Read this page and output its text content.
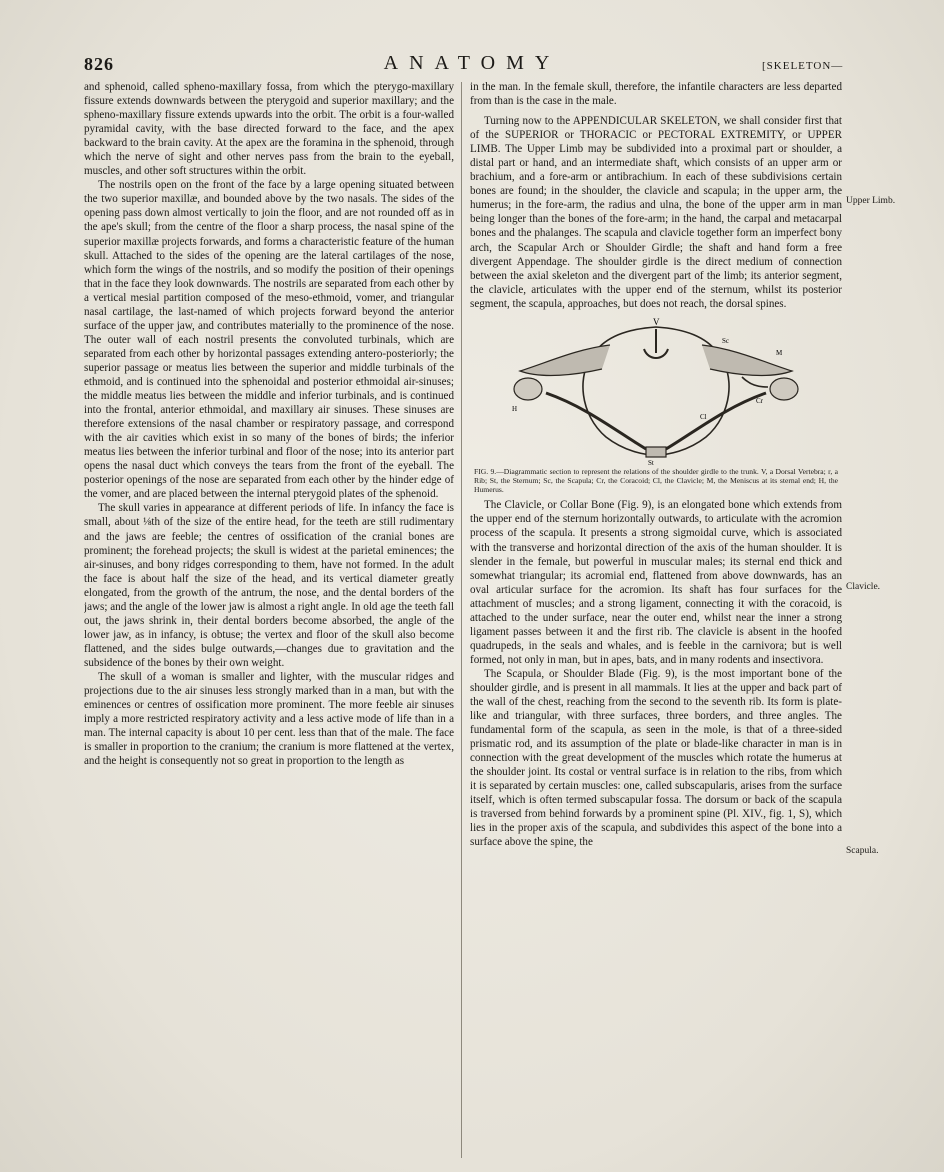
826	ANATOMY	[SKELETON—

and sphenoid, called spheno-maxillary fossa, from which the pterygo-maxillary fissure extends downwards between the pterygoid and superior maxillary; and the spheno-maxillary fissure extends upwards into the orbit. The orbit is a four-walled pyramidal cavity, with the base directed forward to the face, and the apex backward to the brain cavity. At the apex are the foramina in the sphenoid, through which the nerve of sight and other nerves pass from the brain to the eyeball, muscles, and other soft structures within the orbit.

The nostrils open on the front of the face by a large opening situated between the two superior maxillæ, and bounded above by the two nasals. The sides of the opening pass down almost vertically to join the floor, and are not rounded off as in the ape's skull; from the centre of the floor a sharp process, the nasal spine of the superior maxillæ projects forwards, and forms a characteristic feature of the human skull. Attached to the sides of the opening are the lateral cartilages of the nose, which form the wings of the nostrils, and so modify the position of their openings that in the face they look downwards. The nostrils are separated from each other by a vertical mesial partition composed of the meso-ethmoid, vomer, and triangular nasal cartilage, the last-named of which projects forward beyond the anterior surface of the upper jaw, and contributes materially to the prominence of the nose. The outer wall of each nostril presents the convoluted turbinals, which are separated from each other by horizontal passages extending antero-posteriorly; the superior passage or meatus lies between the superior and middle turbinals of the ethmoid, and is continued into the sphenoidal and posterior ethmoidal air-sinuses; the middle meatus lies between the middle and inferior turbinals, and is continued into the frontal, anterior ethmoidal, and maxillary air sinuses. These sinuses are therefore extensions of the nasal chamber or respiratory passage, and correspond with the air cavities which exist in so many of the bones of birds; the inferior meatus lies between the inferior turbinal and floor of the nose; into its anterior part opens the nasal duct which conveys the tears from the front of the eyeball. The posterior openings of the nose are separated from each other by the hinder edge of the vomer, and are placed between the internal pterygoid plates of the sphenoid.

The skull varies in appearance at different periods of life. In infancy the face is small, about ⅛th of the size of the entire head, for the teeth are still rudimentary and the jaws are feeble; the centres of ossification of the cranial bones are prominent; the forehead projects; the skull is widest at the parietal eminences; the air-sinuses, and bony ridges corresponding to them, have not formed. In the adult the face is about half the size of the head, and its vertical diameter greatly elongated, from the growth of the antrum, the nose, and the dental borders of the jaws; and the angle of the lower jaw is almost a right angle. In old age the teeth fall out, the jaws shrink in, their dental borders become absorbed, the angle of the lower jaw, as in infancy, is obtuse; the vertex and floor of the skull also become flattened, and the sides bulge outwards,—changes due to gravitation and the subsidence of the bones by their own weight.

The skull of a woman is smaller and lighter, with the muscular ridges and projections due to the air sinuses less strongly marked than in a man, but with the eminences or centres of ossification more prominent. The more feeble air sinuses imply a more restricted respiratory activity and a less active mode of life than in a man. The internal capacity is about 10 per cent. less than that of the male. The face is smaller in proportion to the cranium; the cranium is more flattened at the vertex, and the height is consequently not so great in proportion to the length as

in the man. In the female skull, therefore, the infantile characters are less departed from than is the case in the male.

Turning now to the APPENDICULAR SKELETON, we shall consider first that of the SUPERIOR or THORACIC or PECTORAL EXTREMITY, or UPPER LIMB. The Upper Limb may be subdivided into a proximal part or shoulder, a distal part or hand, and an intermediate shaft, which consists of an upper arm or brachium, and a fore-arm or antibrachium. In each of these subdivisions certain bones are found; in the shoulder, the clavicle and scapula; in the upper arm, the humerus; in the fore-arm, the radius and ulna, the bone of the upper arm in man being longer than the bones of the fore-arm; in the hand, the carpal and metacarpal bones and the phalanges. The scapula and clavicle together form an imperfect bony arch, the Scapular Arch or Shoulder Girdle; the shaft and hand form a free divergent Appendage. The shoulder girdle is the direct medium of connection between the axial skeleton and the divergent part of the limb; its anterior segment, the clavicle, articulates with the upper end of the sternum, whilst its posterior segment, the scapula, approaches, but does not reach, the dorsal spines.

V
Sc
M
Cr
Cl
St
H
FIG. 9.—Diagrammatic section to represent the relations of the shoulder girdle to the trunk. V, a Dorsal Vertebra; r, a Rib; St, the Sternum; Sc, the Scapula; Cr, the Coracoid; Cl, the Clavicle; M, the Meniscus at its sternal end; H, the Humerus.

The Clavicle, or Collar Bone (Fig. 9), is an elongated bone which extends from the upper end of the sternum horizontally outwards, to articulate with the acromion process of the scapula. It presents a strong sigmoidal curve, which is associated with the transverse and horizontal direction of the axis of the human shoulder. It is slender in the female, but powerful in muscular males; its sternal end thick and somewhat triangular; its acromial end, flattened from above downwards, has an oval articular surface for the acromion. Its shaft has four surfaces for the attachment of muscles; and a strong ligament, connecting it with the coracoid, is attached to the under surface, near the outer end, whilst near the inner a strong ligament passes between it and the first rib. The clavicle is absent in the hoofed quadrupeds, in the seals and whales, and is feeble in the carnivora; but is well formed, not only in man, but in apes, bats, and in many rodents and insectivora.

The Scapula, or Shoulder Blade (Fig. 9), is the most important bone of the shoulder girdle, and is present in all mammals. It lies at the upper and back part of the wall of the chest, reaching from the second to the seventh rib. Its form is plate-like and triangular, with three surfaces, three borders, and three angles. The fundamental form of the scapula, as seen in the mole, is that of a three-sided prismatic rod, and its assumption of the plate or blade-like character in man is in connection with the great development of the muscles which rotate the humerus at the shoulder joint. Its costal or ventral surface is in relation to the ribs, from which it is separated by certain muscles: one, called subscapularis, arises from the surface itself, which is often termed subscapular fossa. The dorsum or back of the scapula is traversed from behind forwards by a prominent spine (Pl. XIV., fig. 1, S), which lies in the proper axis of the scapula, and subdivides this aspect of the bone into a surface above the spine, the

Upper Limb.
Clavicle.
Scapula.
